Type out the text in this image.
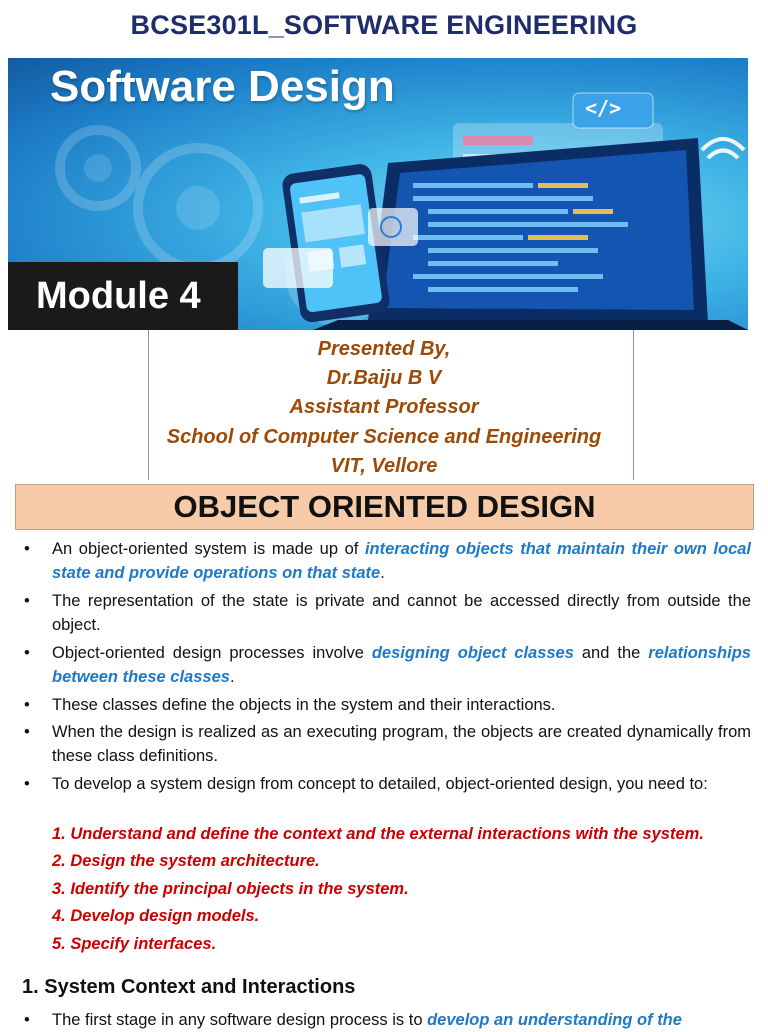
BCSE301L_SOFTWARE ENGINEERING
Software Design	</>
Module 4
Presented By,
Dr.Baiju B V
Assistant Professor
School of Computer Science and Engineering
VIT, Vellore
OBJECT ORIENTED DESIGN
• An object-oriented system is made up of interacting objects that maintain their own local state and provide operations on that state.
• The representation of the state is private and cannot be accessed directly from outside the object.
• Object-oriented design processes involve designing object classes and the relationships between these classes.
• These classes define the objects in the system and their interactions.
• When the design is realized as an executing program, the objects are created dynamically from these class definitions.
• To develop a system design from concept to detailed, object-oriented design, you need to:
1. Understand and define the context and the external interactions with the system.
2. Design the system architecture.
3. Identify the principal objects in the system.
4. Develop design models.
5. Specify interfaces.
1. System Context and Interactions
• The first stage in any software design process is to develop an understanding of the
